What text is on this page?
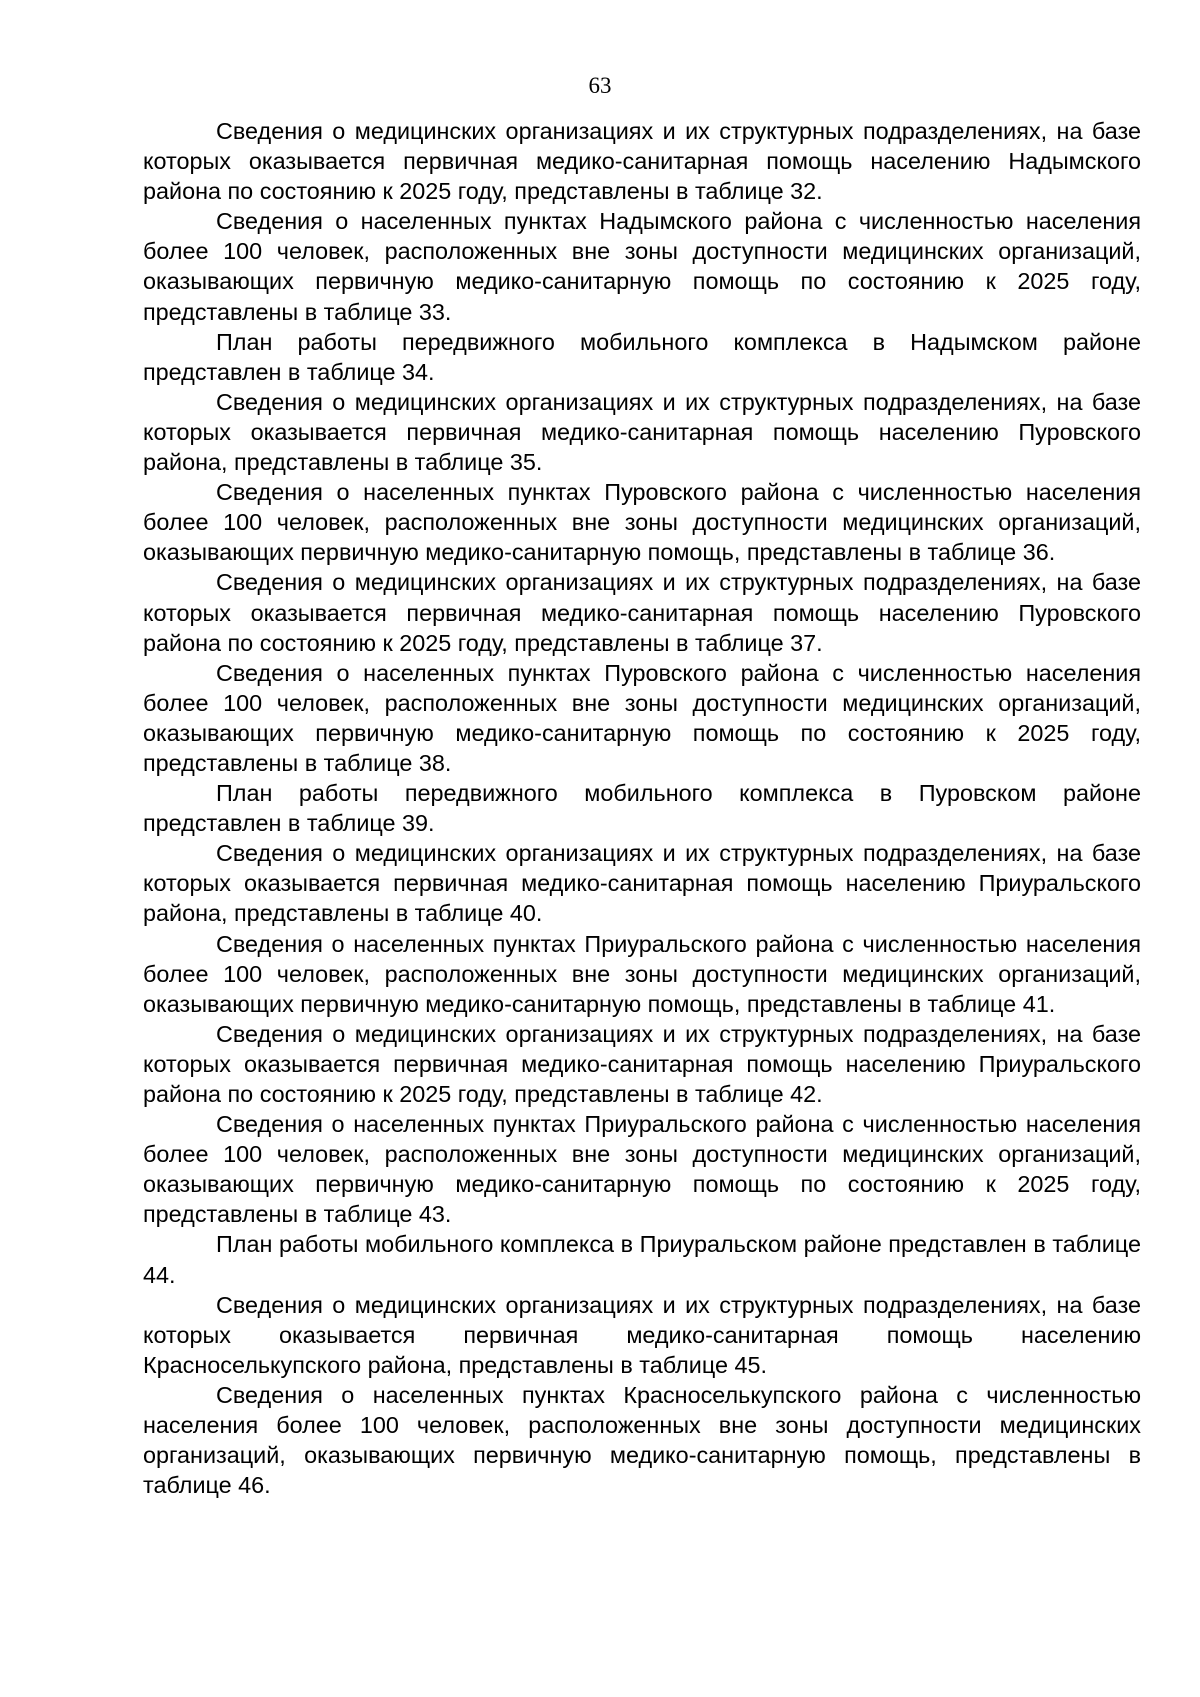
63

Сведения о медицинских организациях и их структурных подразделениях, на базе которых оказывается первичная медико-санитарная помощь населению Надымского района по состоянию к 2025 году, представлены в таблице 32.

Сведения о населенных пунктах Надымского района с численностью населения более 100 человек, расположенных вне зоны доступности медицинских организаций, оказывающих первичную медико-санитарную помощь по состоянию к 2025 году, представлены в таблице 33.

План работы передвижного мобильного комплекса в Надымском районе представлен в таблице 34.

Сведения о медицинских организациях и их структурных подразделениях, на базе которых оказывается первичная медико-санитарная помощь населению Пуровского района, представлены в таблице 35.

Сведения о населенных пунктах Пуровского района с численностью населения более 100 человек, расположенных вне зоны доступности медицинских организаций, оказывающих первичную медико-санитарную помощь, представлены в таблице 36.

Сведения о медицинских организациях и их структурных подразделениях, на базе которых оказывается первичная медико-санитарная помощь населению Пуровского района по состоянию к 2025 году, представлены в таблице 37.

Сведения о населенных пунктах Пуровского района с численностью населения более 100 человек, расположенных вне зоны доступности медицинских организаций, оказывающих первичную медико-санитарную помощь по состоянию к 2025 году, представлены в таблице 38.

План работы передвижного мобильного комплекса в Пуровском районе представлен в таблице 39.

Сведения о медицинских организациях и их структурных подразделениях, на базе которых оказывается первичная медико-санитарная помощь населению Приуральского района, представлены в таблице 40.

Сведения о населенных пунктах Приуральского района с численностью населения более 100 человек, расположенных вне зоны доступности медицинских организаций, оказывающих первичную медико-санитарную помощь, представлены в таблице 41.

Сведения о медицинских организациях и их структурных подразделениях, на базе которых оказывается первичная медико-санитарная помощь населению Приуральского района по состоянию к 2025 году, представлены в таблице 42.

Сведения о населенных пунктах Приуральского района с численностью населения более 100 человек, расположенных вне зоны доступности медицинских организаций, оказывающих первичную медико-санитарную помощь по состоянию к 2025 году, представлены в таблице 43.

План работы мобильного комплекса в Приуральском районе представлен в таблице 44.

Сведения о медицинских организациях и их структурных подразделениях, на базе которых оказывается первичная медико-санитарная помощь населению Красноселькупского района, представлены в таблице 45.

Сведения о населенных пунктах Красноселькупского района с численностью населения более 100 человек, расположенных вне зоны доступности медицинских организаций, оказывающих первичную медико-санитарную помощь, представлены в таблице 46.
